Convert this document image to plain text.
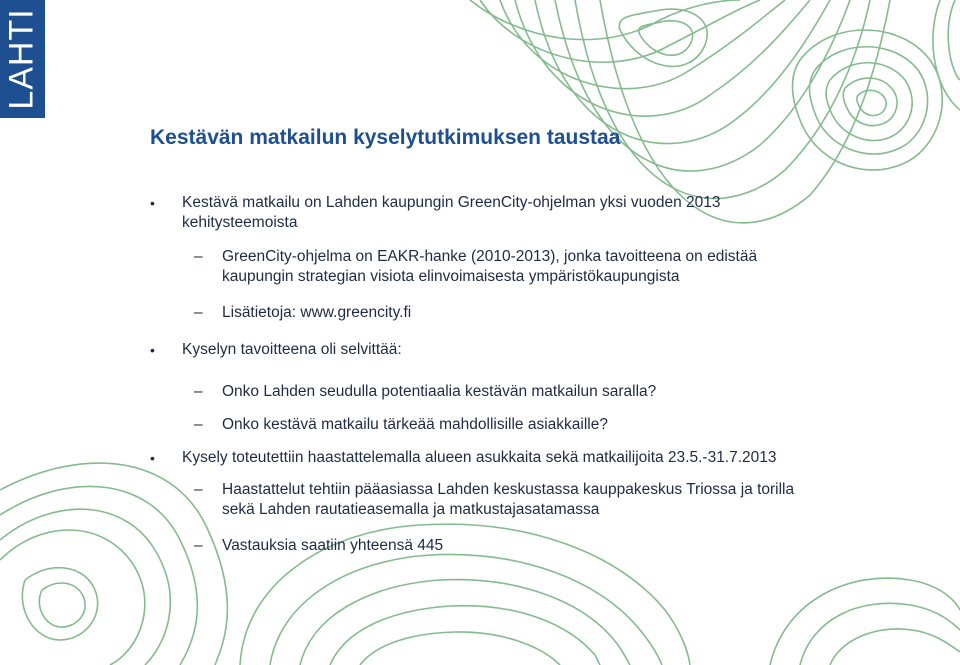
LAHTI
Kestävän matkailun kyselytutkimuksen taustaa

• Kestävä matkailu on Lahden kaupungin GreenCity-ohjelman yksi vuoden 2013 kehitysteemoista

– GreenCity-ohjelma on EAKR-hanke (2010-2013), jonka tavoitteena on edistää kaupungin strategian visiota elinvoimaisesta ympäristökaupungista

– Lisätietoja: www.greencity.fi

• Kyselyn tavoitteena oli selvittää:

– Onko Lahden seudulla potentiaalia kestävän matkailun saralla?

– Onko kestävä matkailu tärkeää mahdollisille asiakkaille?

• Kysely toteutettiin haastattelemalla alueen asukkaita sekä matkailijoita 23.5.-31.7.2013

– Haastattelut tehtiin pääasiassa Lahden keskustassa kauppakeskus Triossa ja torilla sekä Lahden rautatieasemalla ja matkustajasatamassa

– Vastauksia saatiin yhteensä 445
